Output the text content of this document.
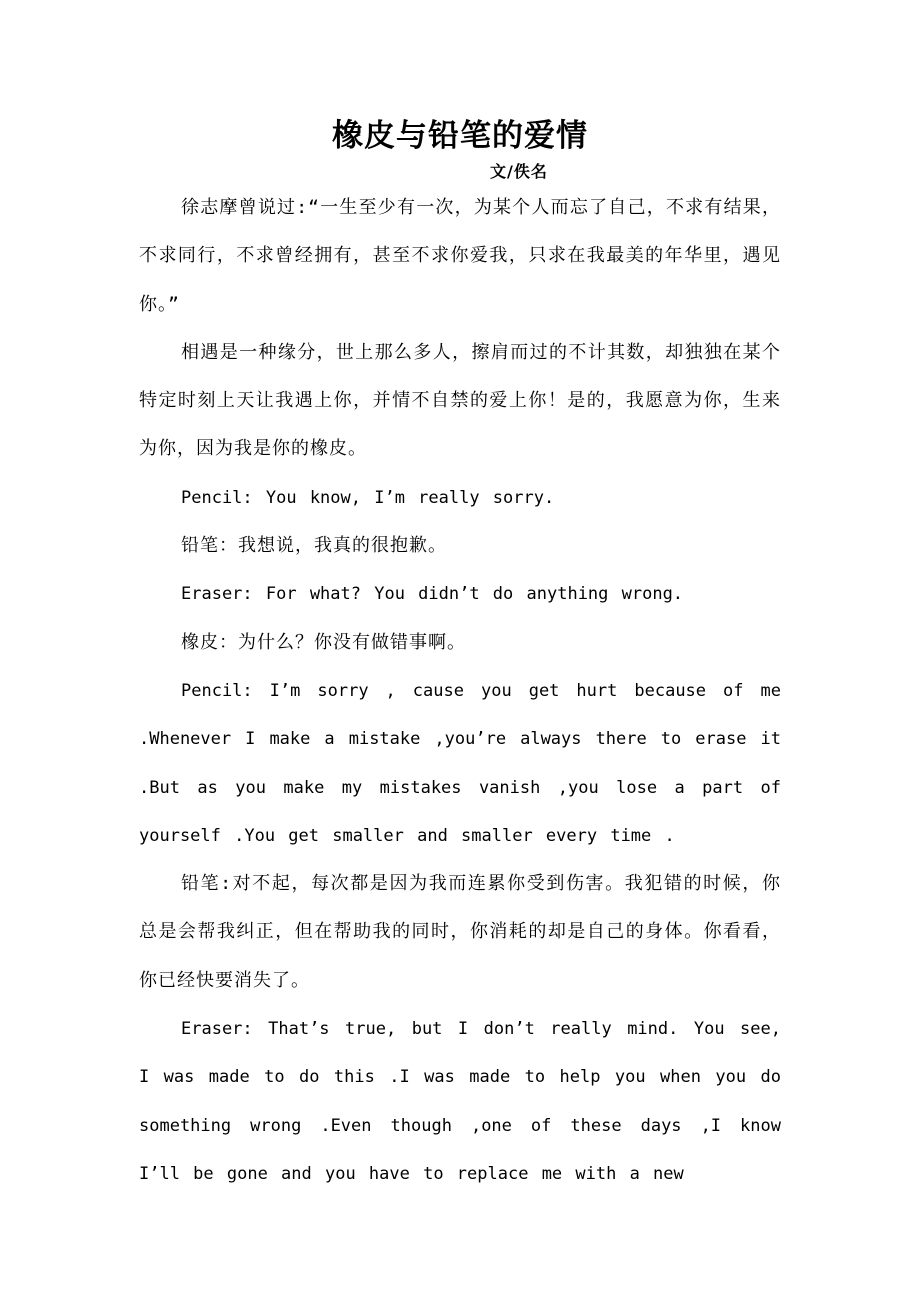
橡皮与铅笔的爱情
文/佚名

徐志摩曾说过:“一生至少有一次，为某个人而忘了自己，不求有结果，不求同行，不求曾经拥有，甚至不求你爱我，只求在我最美的年华里，遇见你。”

相遇是一种缘分，世上那么多人，擦肩而过的不计其数，却独独在某个特定时刻上天让我遇上你，并情不自禁的爱上你！是的，我愿意为你，生来为你，因为我是你的橡皮。

Pencil: You know, I’m really sorry.

铅笔：我想说，我真的很抱歉。

Eraser: For what? You didn’t do anything wrong.

橡皮：为什么？你没有做错事啊。

Pencil: I’m sorry , cause you get hurt because of me .Whenever I make a mistake ,you’re always there to erase it .But as you make my mistakes vanish ,you lose a part of yourself .You get smaller and smaller every time .

铅笔:对不起，每次都是因为我而连累你受到伤害。我犯错的时候，你总是会帮我纠正，但在帮助我的同时，你消耗的却是自己的身体。你看看，你已经快要消失了。

Eraser: That’s true, but I don’t really mind. You see, I was made to do this .I was made to help you when you do something wrong .Even though ,one of these days ,I know I’ll be gone and you have to replace me with a new
